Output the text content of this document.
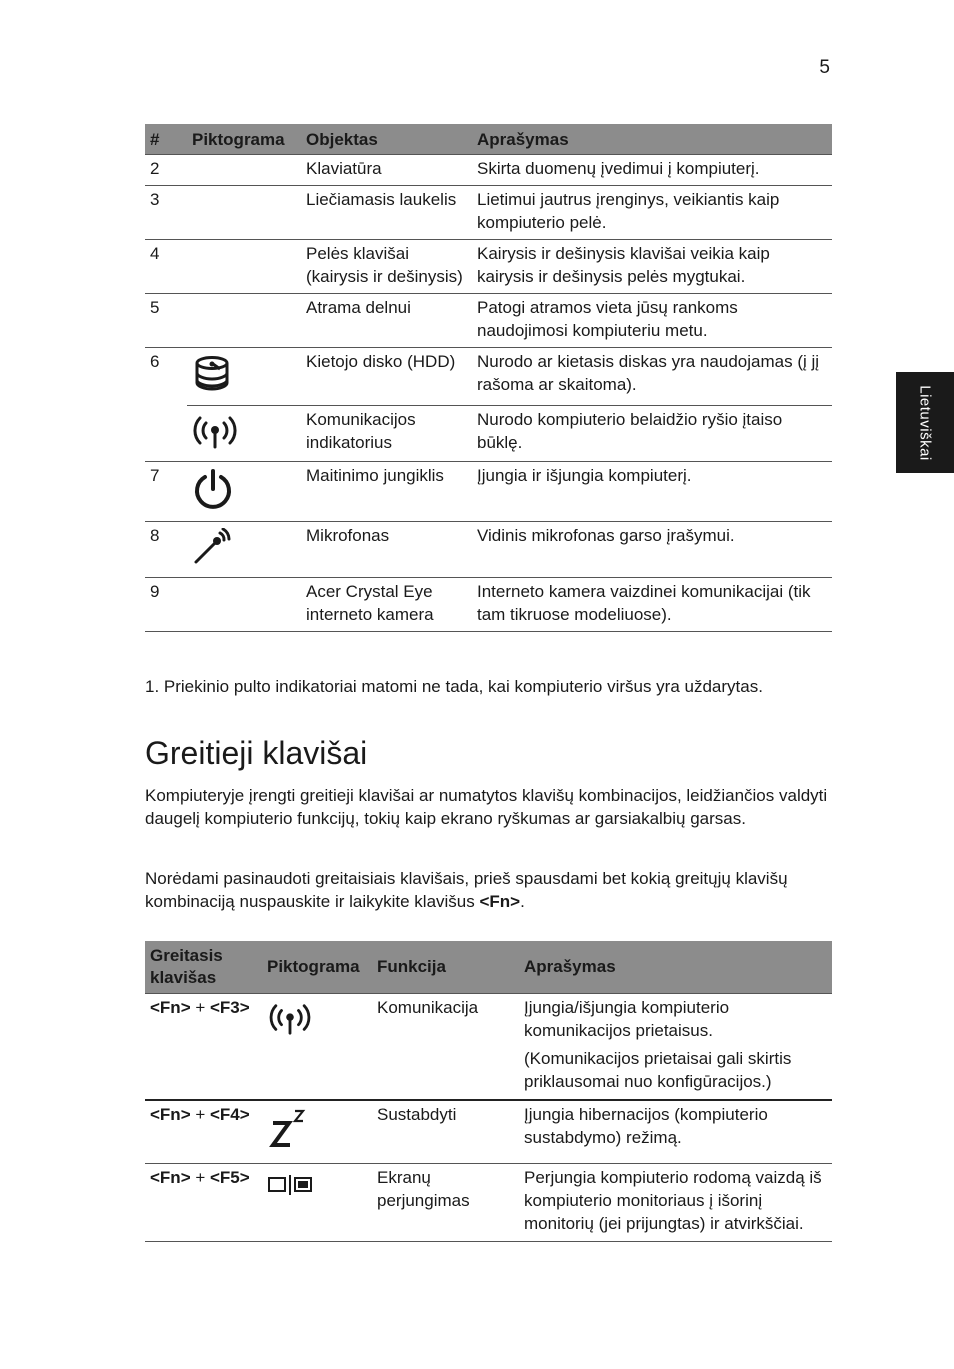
5
Lietuviškai
#	Piktograma	Objektas	Aprašymas
2		Klaviatūra	Skirta duomenų įvedimui į kompiuterį.
3		Liečiamasis laukelis	Lietimui jautrus įrenginys, veikiantis kaip kompiuterio pelė.
4		Pelės klavišai (kairysis ir dešinysis)	Kairysis ir dešinysis klavišai veikia kaip kairysis ir dešinysis pelės mygtukai.
5		Atrama delnui	Patogi atramos vieta jūsų rankoms naudojimosi kompiuteriu metu.
6		Kietojo disko (HDD)	Nurodo ar kietasis diskas yra naudojamas (į jį rašoma ar skaitoma).
		Komunikacijos indikatorius	Nurodo kompiuterio belaidžio ryšio įtaiso būklę.
7		Maitinimo jungiklis	Įjungia ir išjungia kompiuterį.
8		Mikrofonas	Vidinis mikrofonas garso įrašymui.
9		Acer Crystal Eye interneto kamera	Interneto kamera vaizdinei komunikacijai (tik tam tikruose modeliuose).
1. Priekinio pulto indikatoriai matomi ne tada, kai kompiuterio viršus yra uždarytas.
Greitieji klavišai

Kompiuteryje įrengti greitieji klavišai ar numatytos klavišų kombinacijos, leidžiančios valdyti daugelį kompiuterio funkcijų, tokių kaip ekrano ryškumas ar garsiakalbių garsas.

Norėdami pasinaudoti greitaisiais klavišais, prieš spausdami bet kokią greitųjų klavišų kombinaciją nuspauskite ir laikykite klavišus <Fn>.

Greitasis klavišas	Piktograma	Funkcija	Aprašymas
<Fn> + <F3>		Komunikacija	Įjungia/išjungia kompiuterio komunikacijos prietaisus.

(Komunikacijos prietaisai gali skirtis priklausomai nuo konfigūracijos.)

<Fn> + <F4>		Sustabdyti	Įjungia hibernacijos (kompiuterio sustabdymo) režimą.

<Fn> + <F5>		Ekranų perjungimas	Perjungia kompiuterio rodomą vaizdą iš kompiuterio monitoriaus į išorinį monitorių (jei prijungtas) ir atvirkščiai.
